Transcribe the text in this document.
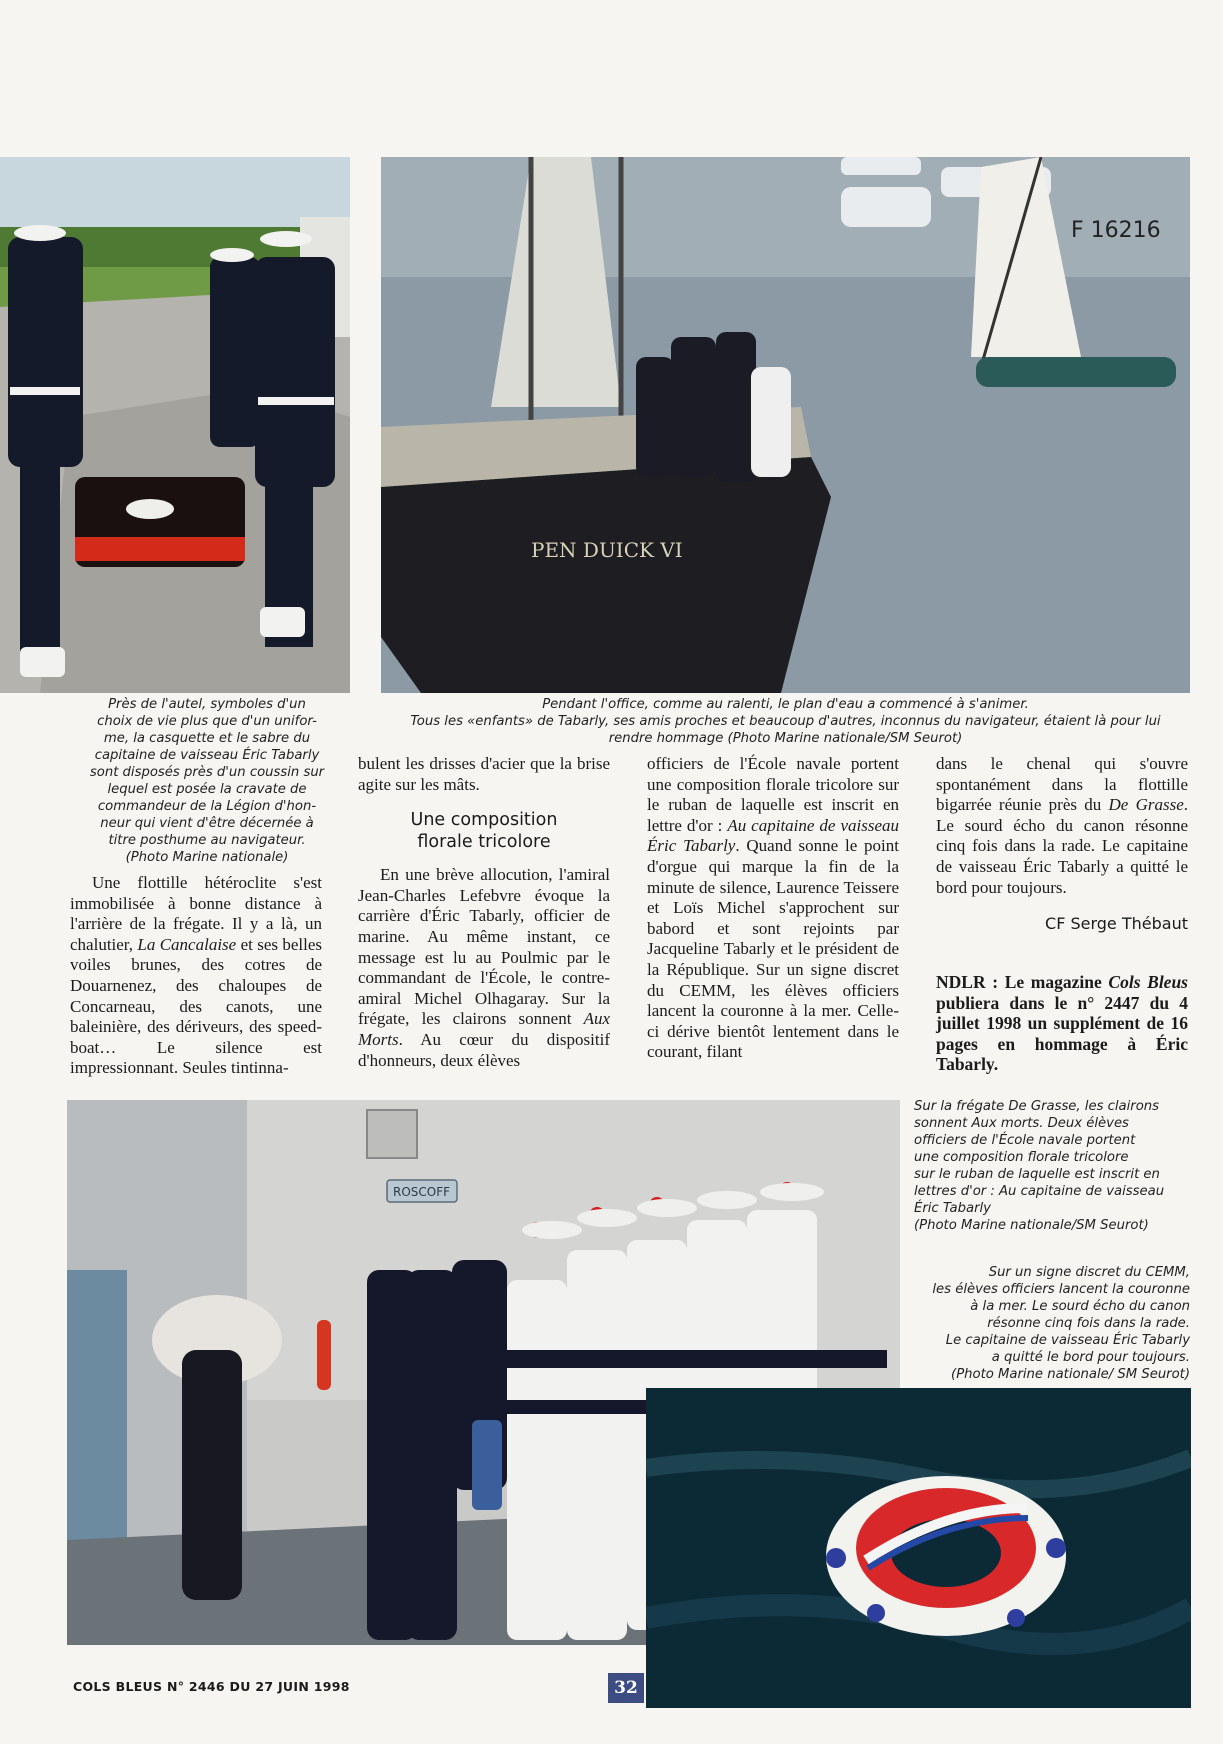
F 16216
PEN DUICK VI
Près de l'autel, symboles d'un
choix de vie plus que d'un unifor-
me, la casquette et le sabre du
capitaine de vaisseau Éric Tabarly
sont disposés près d'un coussin sur
lequel est posée la cravate de
commandeur de la Légion d'hon-
neur qui vient d'être décernée à
titre posthume au navigateur.
(Photo Marine nationale)
Pendant l'office, comme au ralenti, le plan d'eau a commencé à s'animer.
Tous les «enfants» de Tabarly, ses amis proches et beaucoup d'autres, inconnus du navigateur, étaient là pour lui
rendre hommage (Photo Marine nationale/SM Seurot)

Une flottille hétéroclite s'est immobilisée à bonne distance à l'arrière de la frégate. Il y a là, un chalutier, La Cancalaise et ses belles voiles brunes, des cotres de Douarnenez, des chaloupes de Concarneau, des canots, une baleinière, des dériveurs, des speed-boat… Le silence est impressionnant. Seules tintinna-

bulent les drisses d'acier que la brise agite sur les mâts.

Une composition
florale tricolore

En une brève allocution, l'amiral Jean-Charles Lefebvre évoque la carrière d'Éric Tabarly, officier de marine. Au même instant, ce message est lu au Poulmic par le commandant de l'École, le contre-amiral Michel Olhagaray. Sur la frégate, les clairons sonnent Aux Morts. Au cœur du dispositif d'honneurs, deux élèves

officiers de l'École navale portent une composition florale tricolore sur le ruban de laquelle est inscrit en lettre d'or : Au capitaine de vaisseau Éric Tabarly. Quand sonne le point d'orgue qui marque la fin de la minute de silence, Laurence Teissere et Loïs Michel s'approchent sur babord et sont rejoints par Jacqueline Tabarly et le président de la République. Sur un signe discret du CEMM, les élèves officiers lancent la couronne à la mer. Celle-ci dérive bientôt lentement dans le courant, filant

dans le chenal qui s'ouvre spontanément dans la flottille bigarrée réunie près du De Grasse. Le sourd écho du canon résonne cinq fois dans la rade. Le capitaine de vaisseau Éric Tabarly a quitté le bord pour toujours.

CF Serge Thébaut
NDLR : Le magazine Cols Bleus publiera dans le n° 2447 du 4 juillet 1998 un supplément de 16 pages en hommage à Éric Tabarly.
ROSCOFF
Sur la frégate De Grasse, les clairons
sonnent Aux morts. Deux élèves
officiers de l'École navale portent
une composition florale tricolore
sur le ruban de laquelle est inscrit en
lettres d'or : Au capitaine de vaisseau
Éric Tabarly
(Photo Marine nationale/SM Seurot)
Sur un signe discret du CEMM,
les élèves officiers lancent la couronne
à la mer. Le sourd écho du canon
résonne cinq fois dans la rade.
Le capitaine de vaisseau Éric Tabarly
a quitté le bord pour toujours.
(Photo Marine nationale/ SM Seurot)
COLS BLEUS N° 2446 DU 27 JUIN 1998	32
